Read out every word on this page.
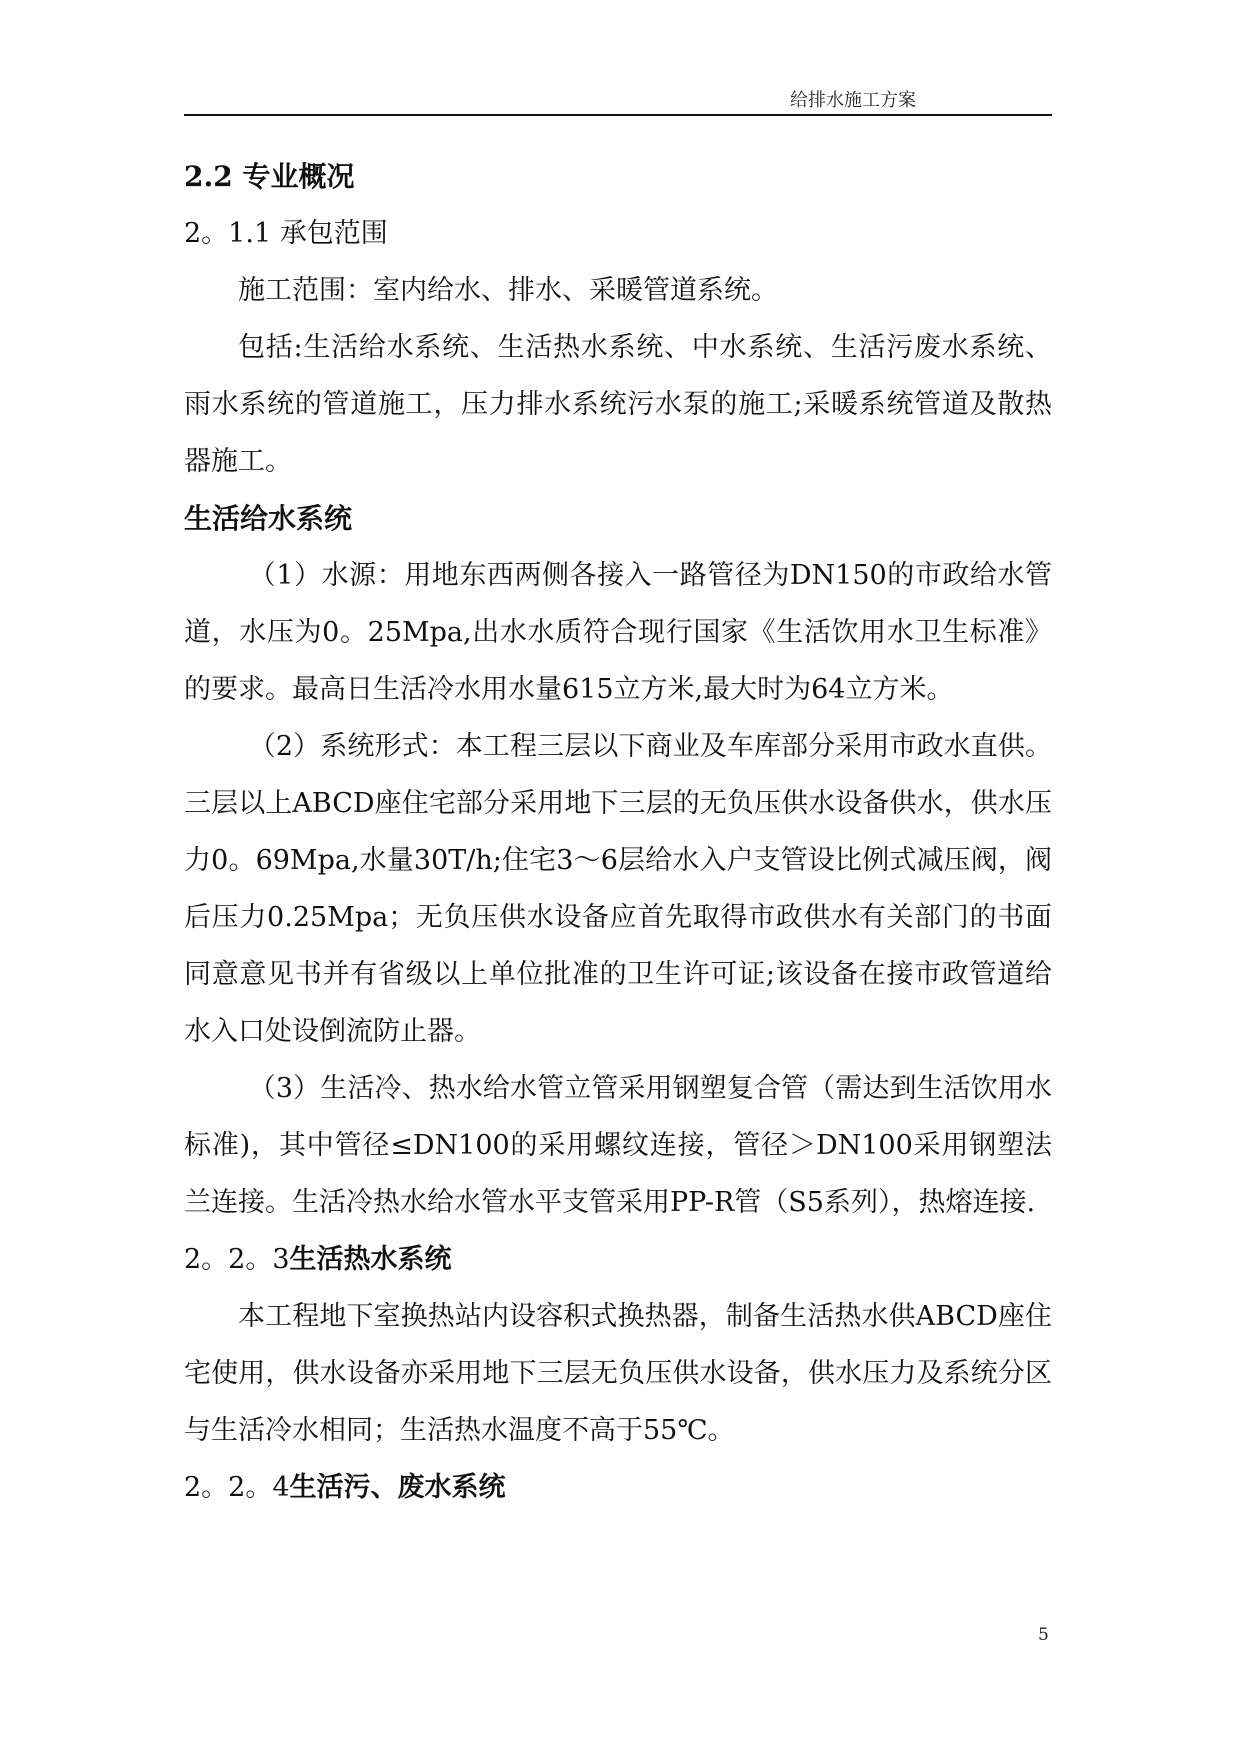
给排水施工方案
2.2 专业概况
2。1.1 承包范围

施工范围：室内给水、排水、采暖管道系统。

包括:生活给水系统、生活热水系统、中水系统、生活污废水系统、雨水系统的管道施工，压力排水系统污水泵的施工;采暖系统管道及散热器施工。

生活给水系统

（1）水源：用地东西两侧各接入一路管径为DN150的市政给水管道，水压为0。25Mpa,出水水质符合现行国家《生活饮用水卫生标准》的要求。最高日生活冷水用水量615立方米,最大时为64立方米。

（2）系统形式：本工程三层以下商业及车库部分采用市政水直供。三层以上ABCD座住宅部分采用地下三层的无负压供水设备供水，供水压力0。69Mpa,水量30T/h;住宅3～6层给水入户支管设比例式减压阀，阀后压力0.25Mpa；无负压供水设备应首先取得市政供水有关部门的书面同意意见书并有省级以上单位批准的卫生许可证;该设备在接市政管道给水入口处设倒流防止器。

（3）生活冷、热水给水管立管采用钢塑复合管（需达到生活饮用水标准)，其中管径≤DN100的采用螺纹连接，管径＞DN100采用钢塑法兰连接。生活冷热水给水管水平支管采用PP-R管（S5系列），热熔连接.

2。2。3生活热水系统

本工程地下室换热站内设容积式换热器，制备生活热水供ABCD座住宅使用，供水设备亦采用地下三层无负压供水设备，供水压力及系统分区与生活冷水相同；生活热水温度不高于55℃。

2。2。4生活污、废水系统
5
